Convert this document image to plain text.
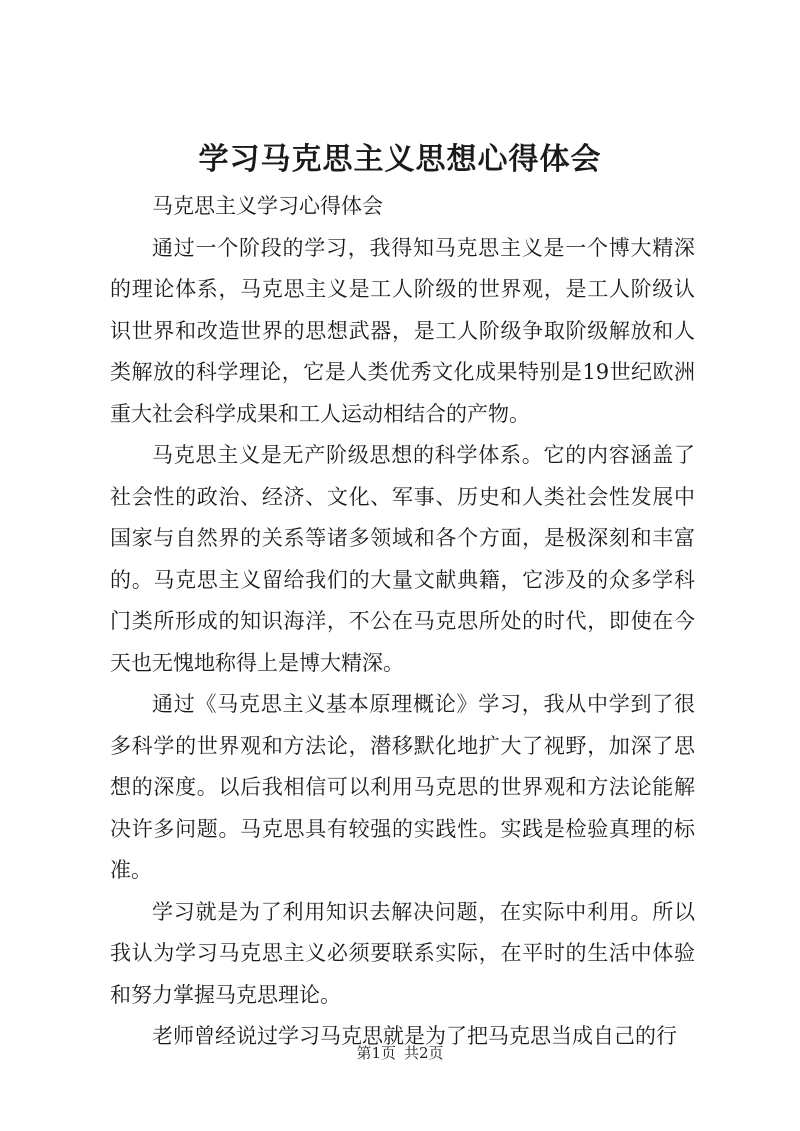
学习马克思主义思想心得体会

马克思主义学习心得体会

通过一个阶段的学习，我得知马克思主义是一个博大精深的理论体系，马克思主义是工人阶级的世界观，是工人阶级认识世界和改造世界的思想武器，是工人阶级争取阶级解放和人类解放的科学理论，它是人类优秀文化成果特别是19世纪欧洲重大社会科学成果和工人运动相结合的产物。

马克思主义是无产阶级思想的科学体系。它的内容涵盖了社会性的政治、经济、文化、军事、历史和人类社会性发展中国家与自然界的关系等诸多领域和各个方面，是极深刻和丰富的。马克思主义留给我们的大量文献典籍，它涉及的众多学科门类所形成的知识海洋，不公在马克思所处的时代，即使在今天也无愧地称得上是博大精深。

通过《马克思主义基本原理概论》学习，我从中学到了很多科学的世界观和方法论，潜移默化地扩大了视野，加深了思想的深度。以后我相信可以利用马克思的世界观和方法论能解决许多问题。马克思具有较强的实践性。实践是检验真理的标准。

学习就是为了利用知识去解决问题，在实际中利用。所以我认为学习马克思主义必须要联系实际，在平时的生活中体验和努力掌握马克思理论。

老师曾经说过学习马克思就是为了把马克思当成自己的行

第1页 共2页
